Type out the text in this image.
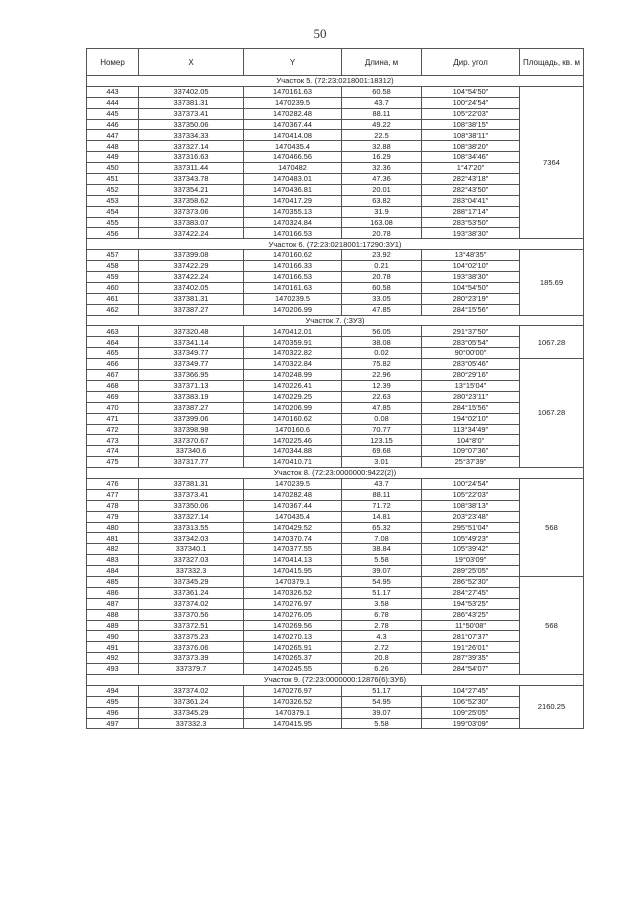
50
Номер	X	Y	Длина, м	Дир. угол	Площадь, кв. м
Участок 5. (72:23:0218001:18312)					
443	337402.05	1470161.63	60.58	104°54'50"	7364
444	337381.31	1470239.5	43.7	100°24'54"	
445	337373.41	1470282.48	88.11	105°22'03"	
446	337350.06	1470367.44	49.22	108°38'15"	
447	337334.33	1470414.08	22.5	108°38'11"	
448	337327.14	1470435.4	32.88	108°38'20"	
449	337316.63	1470466.56	16.29	108°34'46"	
450	337311.44	1470482	32.36	1°47'20"	
451	337343.78	1470483.01	47.36	282°43'18"	
452	337354.21	1470436.81	20.01	282°43'50"	
453	337358.62	1470417.29	63.82	283°04'41"	
454	337373.06	1470355.13	31.9	288°17'14"	
455	337383.07	1470324.84	163.08	283°53'50"	
456	337422.24	1470166.53	20.78	193°38'30"	
Участок 6. (72:23:0218001:17290:ЗУ1)					
457	337399.08	1470160.62	23.92	13°48'35"	185.69
458	337422.29	1470166.33	0.21	104°02'10"	
459	337422.24	1470166.53	20.78	193°38'30"	
460	337402.05	1470161.63	60.58	104°54'50"	
461	337381.31	1470239.5	33.05	280°23'19"	
462	337387.27	1470206.99	47.85	284°15'56"	
Участок 7. (:ЗУ3)					
463	337320.48	1470412.01	56.05	291°37'50"	1067.28
464	337341.14	1470359.91	38.08	283°05'54"	
465	337349.77	1470322.82	0.02	90°00'00"	
466	337349.77	1470322.84	75.82	283°05'46"	1067.28
467	337366.95	1470248.99	22.96	280°29'16"	
468	337371.13	1470226.41	12.39	13°15'04"	
469	337383.19	1470229.25	22.63	280°23'11"	
470	337387.27	1470206.99	47.85	284°15'56"	
471	337399.06	1470160.62	0.08	194°02'10"	
472	337398.98	1470160.6	70.77	113°34'49"	
473	337370.67	1470225.46	123.15	104°8'0"	
474	337340.6	1470344.88	69.68	109°07'36"	
475	337317.77	1470410.71	3.01	25°37'39"	
Участок 8. (72:23:0000000:9422(2))					
476	337381.31	1470239.5	43.7	100°24'54"	568
477	337373.41	1470282.48	88.11	105°22'03"	
478	337350.06	1470367.44	71.72	108°38'13"	
479	337327.14	1470435.4	14.81	203°23'48"	
480	337313.55	1470429.52	65.32	295°51'04"	
481	337342.03	1470370.74	7.08	105°49'23"	
482	337340.1	1470377.55	38.84	105°39'42"	
483	337327.03	1470414.13	5.58	19°03'09"	
484	337332.3	1470415.95	39.07	289°25'05"	
485	337345.29	1470379.1	54.95	286°52'30"	568
486	337361.24	1470326.52	51.17	284°27'45"	
487	337374.02	1470276.97	3.58	194°53'25"	
488	337370.56	1470276.05	6.78	286°43'25"	
489	337372.51	1470269.56	2.78	11°50'08"	
490	337375.23	1470270.13	4.3	281°07'37"	
491	337376.06	1470265.91	2.72	191°26'01"	
492	337373.39	1470265.37	20.8	287°39'35"	
493	337379.7	1470245.55	6.26	284°54'07"	
Участок 9. (72:23:0000000:12876(6):ЗУ6)					
494	337374.02	1470276.97	51.17	104°27'45"	2160.25
495	337361.24	1470326.52	54.95	106°52'30"	
496	337345.29	1470379.1	39.07	109°25'05"	
497	337332.3	1470415.95	5.58	199°03'09"	
